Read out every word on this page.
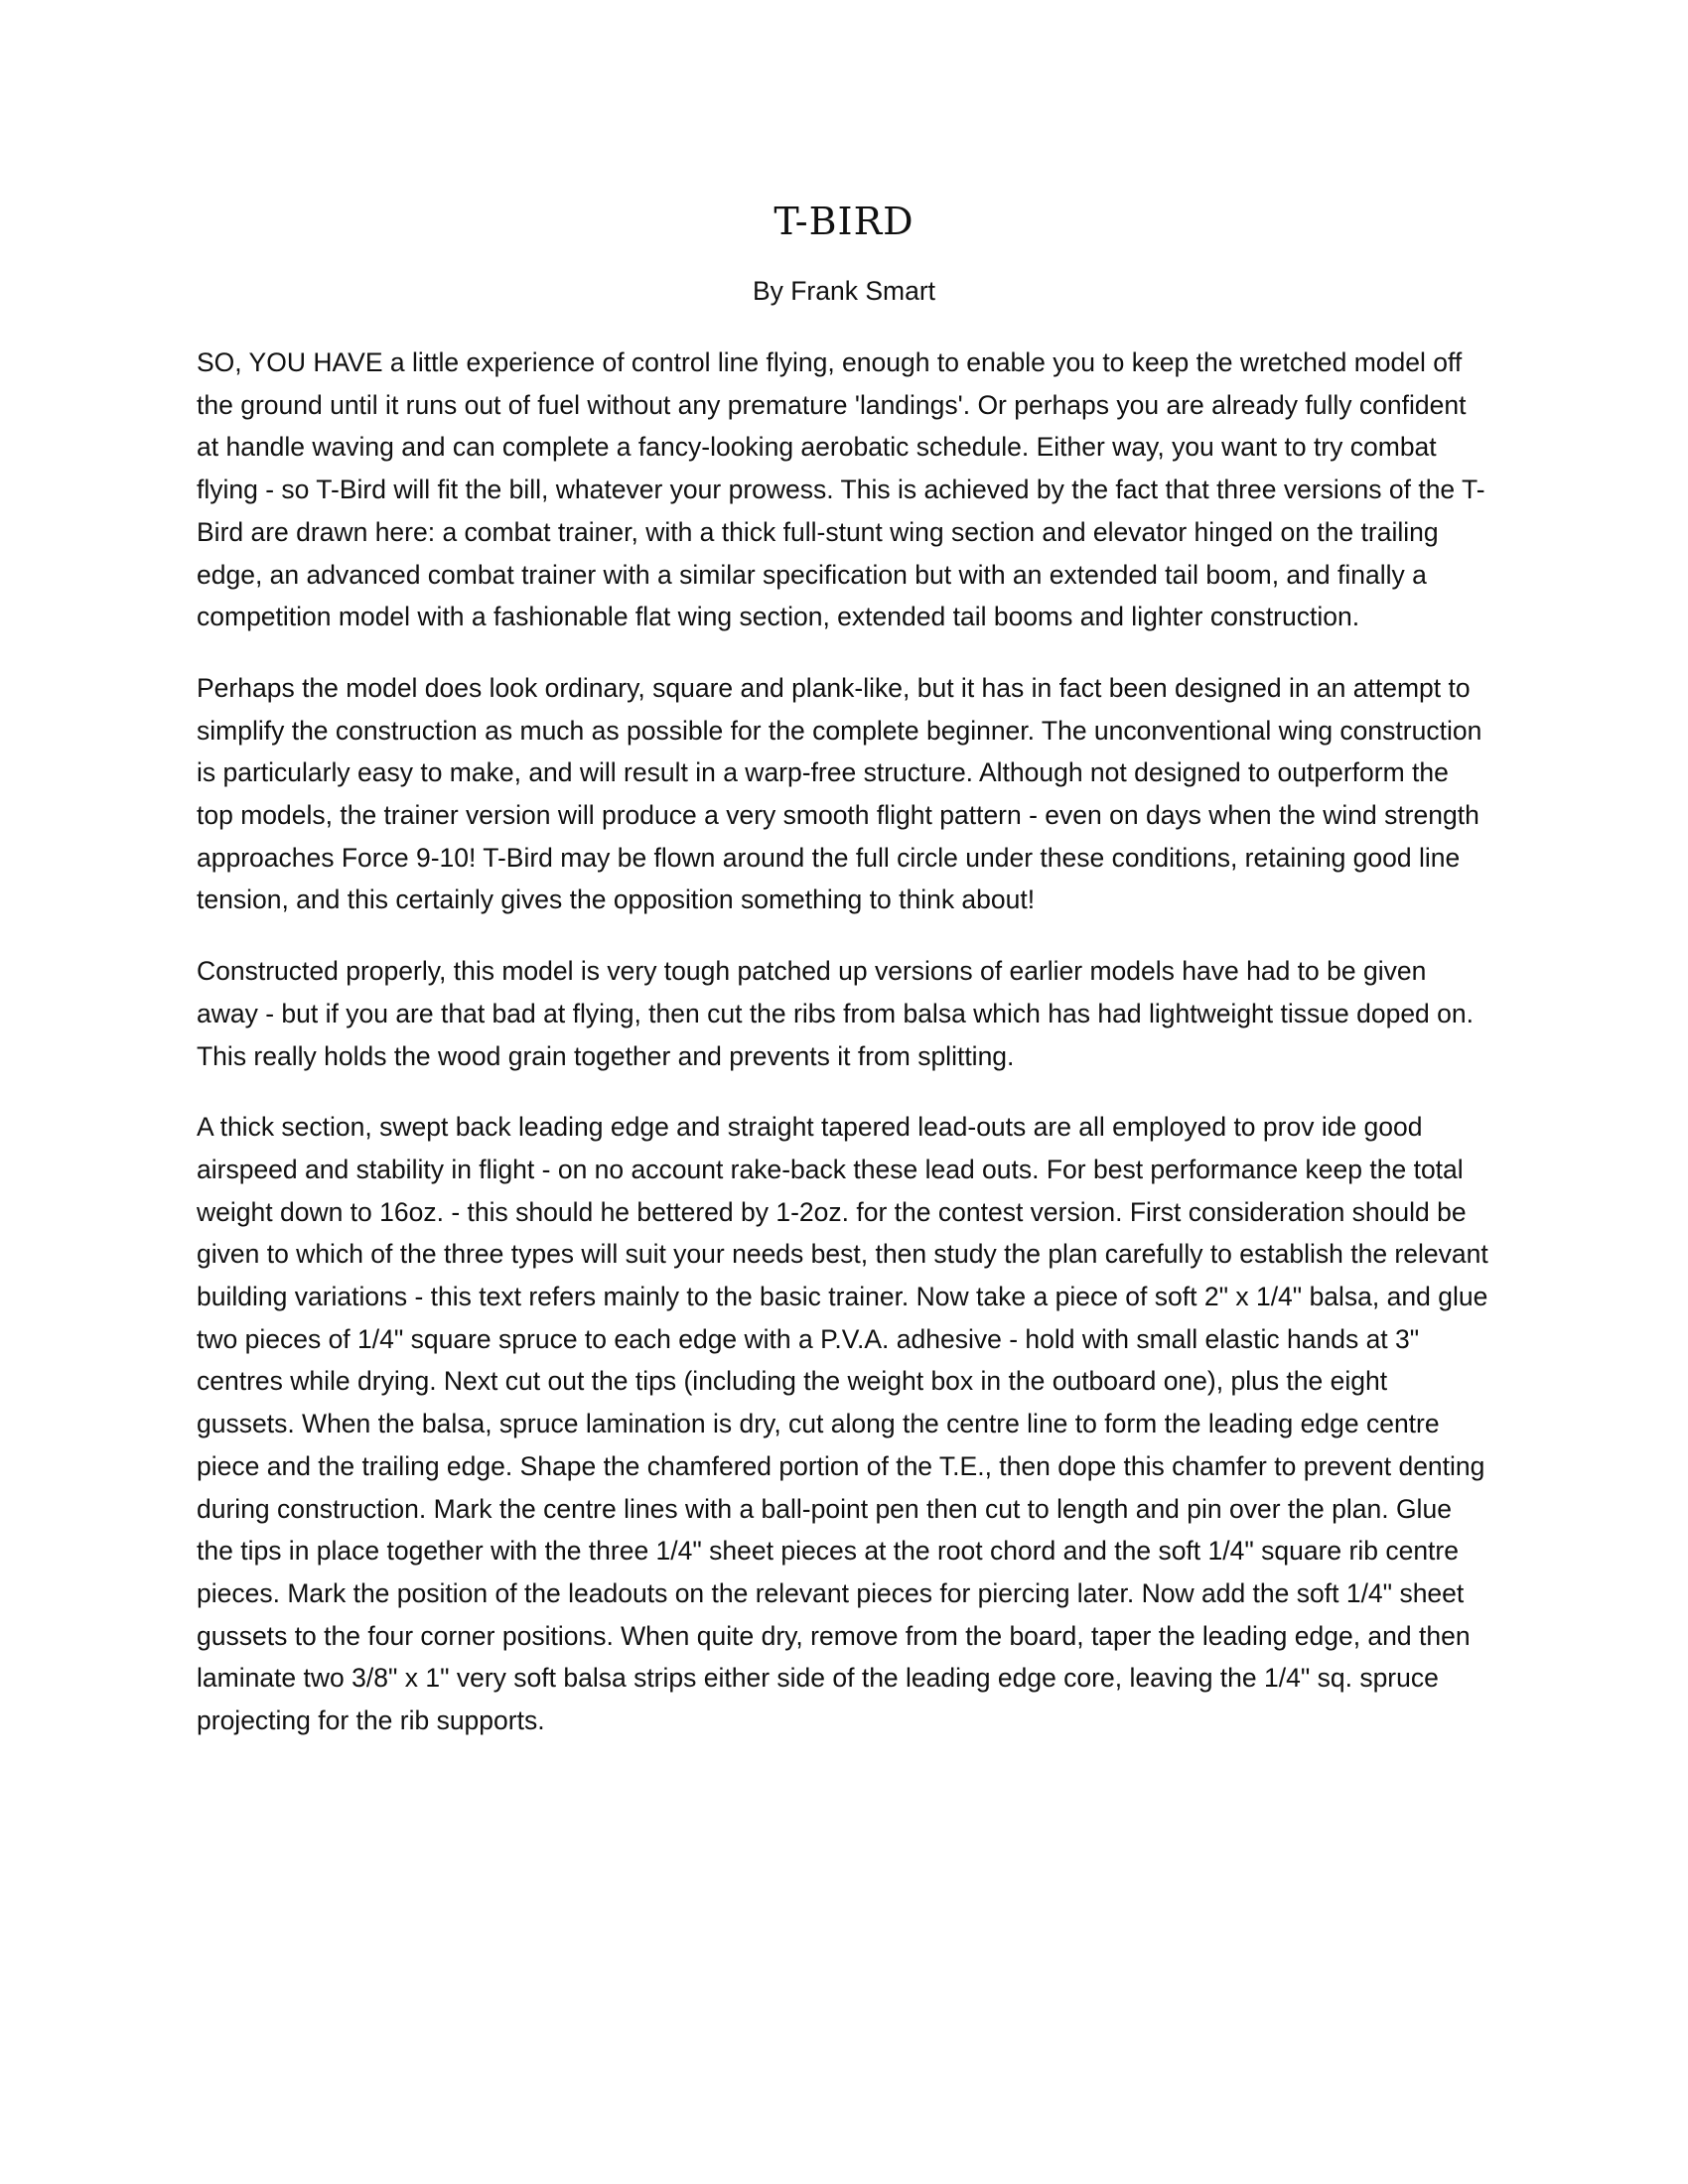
T-BIRD
By Frank Smart

SO, YOU HAVE a little experience of control line flying, enough to enable you to keep the wretched model off the ground until it runs out of fuel without any premature 'landings'. Or perhaps you are already fully confident at handle waving and can complete a fancy-looking aerobatic schedule. Either way, you want to try combat flying - so T-Bird will fit the bill, whatever your prowess. This is achieved by the fact that three versions of the T-Bird are drawn here: a combat trainer, with a thick full-stunt wing section and elevator hinged on the trailing edge, an advanced combat trainer with a similar specification but with an extended tail boom, and finally a competition model with a fashionable flat wing section, extended tail booms and lighter construction.

Perhaps the model does look ordinary, square and plank-like, but it has in fact been designed in an attempt to simplify the construction as much as possible for the complete beginner. The unconventional wing construction is particularly easy to make, and will result in a warp-free structure. Although not designed to outperform the top models, the trainer version will produce a very smooth flight pattern - even on days when the wind strength approaches Force 9-10! T-Bird may be flown around the full circle under these conditions, retaining good line tension, and this certainly gives the opposition something to think about!

Constructed properly, this model is very tough patched up versions of earlier models have had to be given away - but if you are that bad at flying, then cut the ribs from balsa which has had lightweight tissue doped on. This really holds the wood grain together and prevents it from splitting.

A thick section, swept back leading edge and straight tapered lead-outs are all employed to prov ide good airspeed and stability in flight - on no account rake-back these lead outs. For best performance keep the total weight down to 16oz. - this should he bettered by 1-2oz. for the contest version. First consideration should be given to which of the three types will suit your needs best, then study the plan carefully to establish the relevant building variations - this text refers mainly to the basic trainer. Now take a piece of soft 2" x 1/4" balsa, and glue two pieces of 1/4" square spruce to each edge with a P.V.A. adhesive - hold with small elastic hands at 3" centres while drying. Next cut out the tips (including the weight box in the outboard one), plus the eight gussets. When the balsa, spruce lamination is dry, cut along the centre line to form the leading edge centre piece and the trailing edge. Shape the chamfered portion of the T.E., then dope this chamfer to prevent denting during construction. Mark the centre lines with a ball-point pen then cut to length and pin over the plan. Glue the tips in place together with the three 1/4" sheet pieces at the root chord and the soft 1/4" square rib centre pieces. Mark the position of the leadouts on the relevant pieces for piercing later. Now add the soft 1/4" sheet gussets to the four corner positions. When quite dry, remove from the board, taper the leading edge, and then laminate two 3/8" x 1" very soft balsa strips either side of the leading edge core, leaving the 1/4" sq. spruce projecting for the rib supports.
